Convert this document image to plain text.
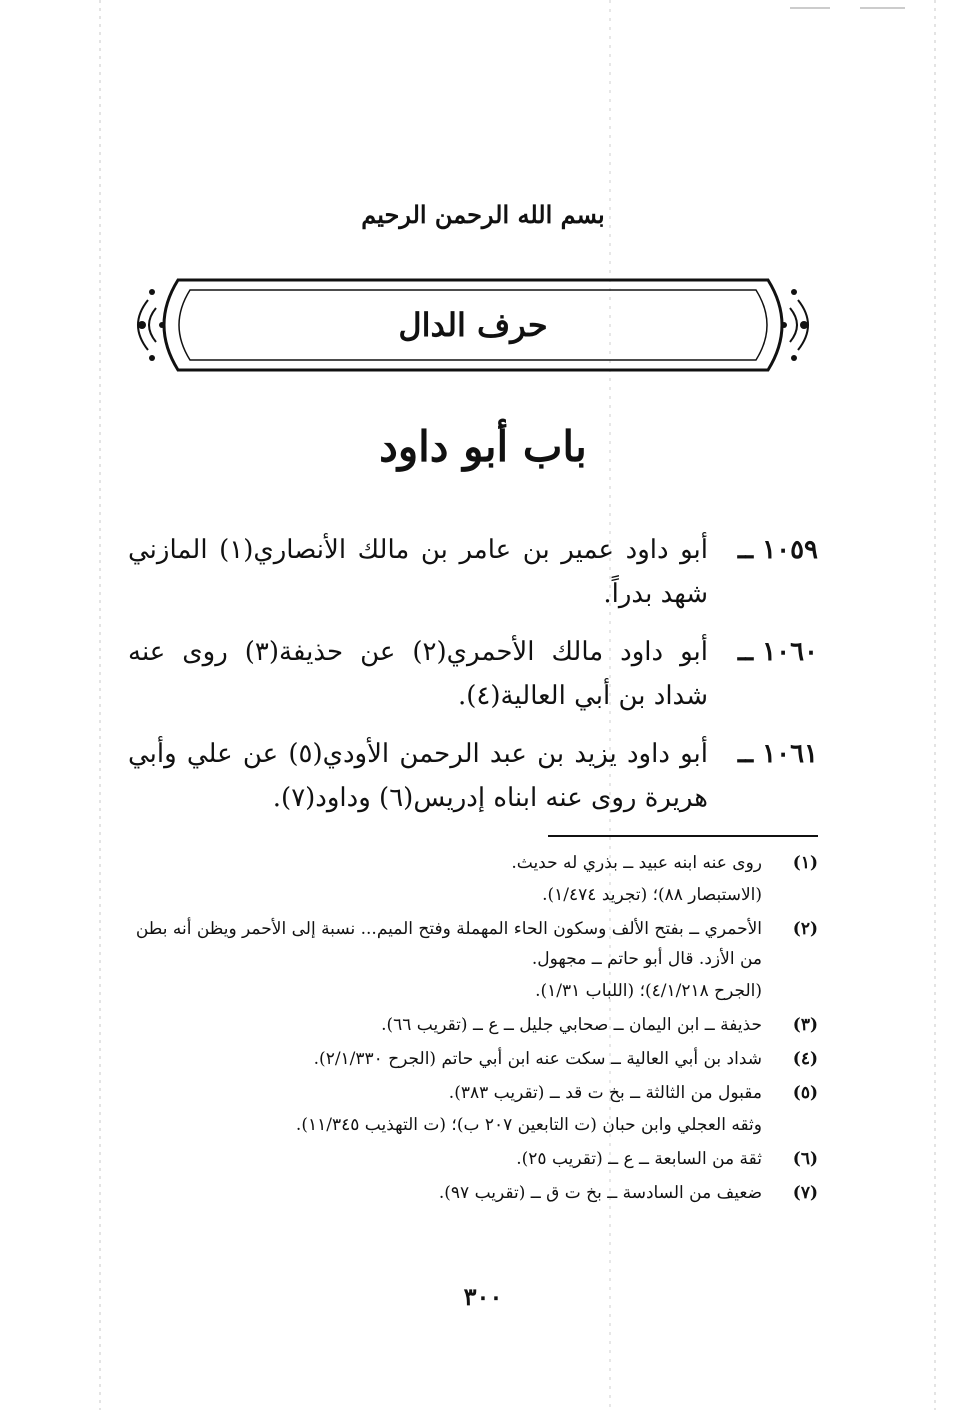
بسم الله الرحمن الرحيم
حرف الدال
باب أبو داود
١٠٥٩ ــ
أبو داود عمير بن عامر بن مالك الأنصاري(١) المازني شهد بدراً.
١٠٦٠ ــ
أبو داود مالك الأحمري(٢) عن حذيفة(٣) روى عنه شداد بن أبي العالية(٤).
١٠٦١ ــ
أبو داود يزيد بن عبد الرحمن الأودي(٥) عن علي وأبي هريرة روى عنه ابناه إدريس(٦) وداود(٧).
(١)
روى عنه ابنه عبيد ــ بذري له حديث.
(الاستبصار ٨٨)؛ (تجريد ١/٤٧٤).
(٢)
الأحمري ــ بفتح الألف وسكون الحاء المهملة وفتح الميم... نسبة إلى الأحمر ويظن أنه بطن من الأزد. قال أبو حاتم ــ مجهول.
(الجرح ٤/١/٢١٨)؛ (اللباب ١/٣١).
(٣)
حذيفة ــ ابن اليمان ــ صحابي جليل ــ ع ــ (تقريب ٦٦).
(٤)
شداد بن أبي العالية ــ سكت عنه ابن أبي حاتم (الجرح ٢/١/٣٣٠).
(٥)
مقبول من الثالثة ــ بخ ت قد ــ (تقريب ٣٨٣).
وثقه العجلي وابن حبان (ت التابعين ٢٠٧ ب)؛ (ت التهذيب ١١/٣٤٥).
(٦)
ثقة من السابعة ــ ع ــ (تقريب ٢٥).
(٧)
ضعيف من السادسة ــ بخ ت ق ــ (تقريب ٩٧).
٣٠٠
